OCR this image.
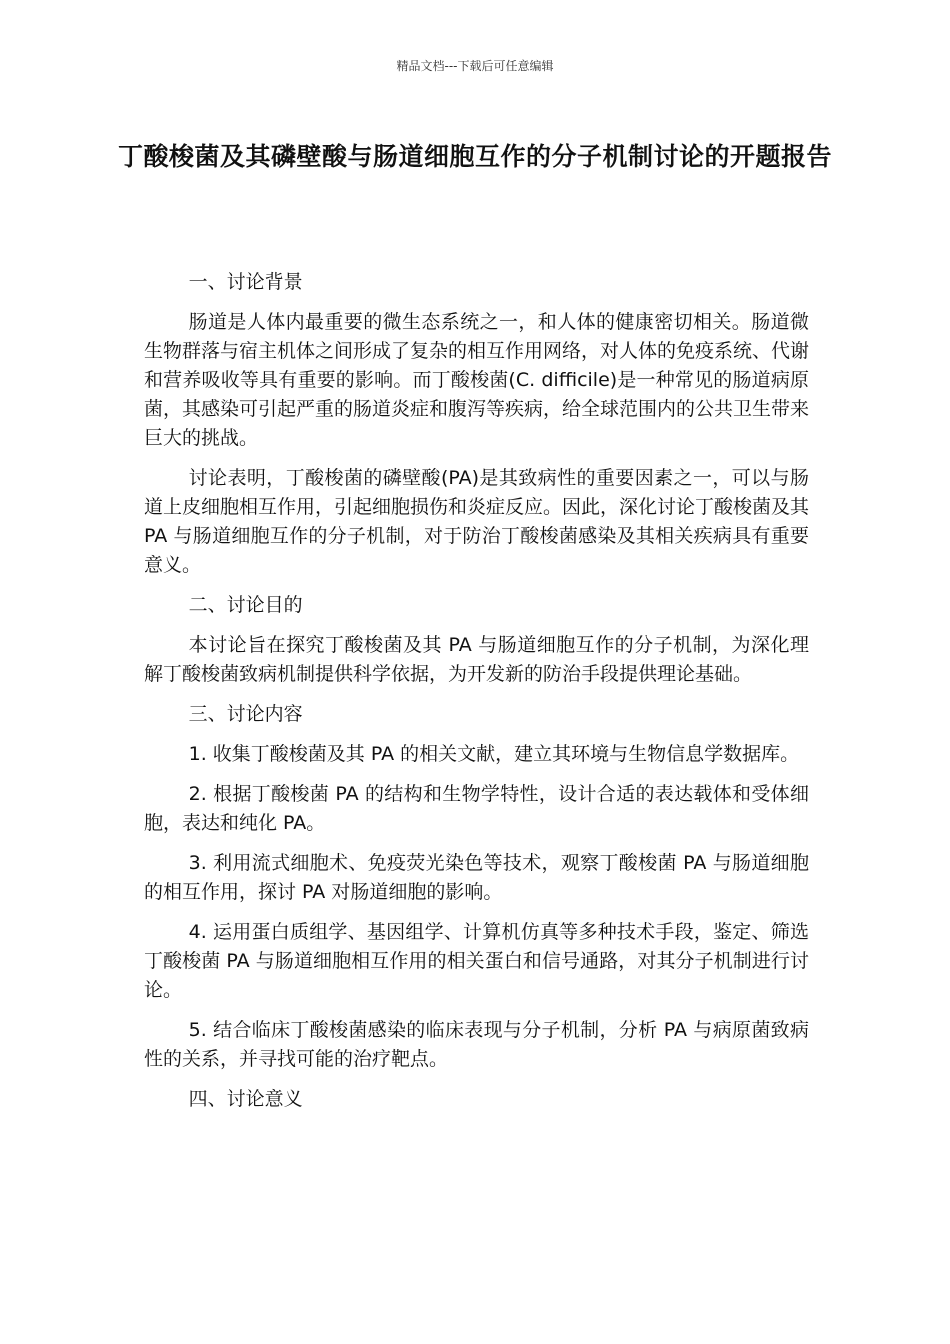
精品文档---下载后可任意编辑
丁酸梭菌及其磷壁酸与肠道细胞互作的分子机制讨论的开题报告
一、讨论背景

肠道是人体内最重要的微生态系统之一，和人体的健康密切相关。肠道微生物群落与宿主机体之间形成了复杂的相互作用网络，对人体的免疫系统、代谢和营养吸收等具有重要的影响。而丁酸梭菌(C. difficile)是一种常见的肠道病原菌，其感染可引起严重的肠道炎症和腹泻等疾病，给全球范围内的公共卫生带来巨大的挑战。

讨论表明，丁酸梭菌的磷壁酸(PA)是其致病性的重要因素之一，可以与肠道上皮细胞相互作用，引起细胞损伤和炎症反应。因此，深化讨论丁酸梭菌及其 PA 与肠道细胞互作的分子机制，对于防治丁酸梭菌感染及其相关疾病具有重要意义。

二、讨论目的

本讨论旨在探究丁酸梭菌及其 PA 与肠道细胞互作的分子机制，为深化理解丁酸梭菌致病机制提供科学依据，为开发新的防治手段提供理论基础。

三、讨论内容

1. 收集丁酸梭菌及其 PA 的相关文献，建立其环境与生物信息学数据库。

2. 根据丁酸梭菌 PA 的结构和生物学特性，设计合适的表达载体和受体细胞，表达和纯化 PA。

3. 利用流式细胞术、免疫荧光染色等技术，观察丁酸梭菌 PA 与肠道细胞的相互作用，探讨 PA 对肠道细胞的影响。

4. 运用蛋白质组学、基因组学、计算机仿真等多种技术手段，鉴定、筛选丁酸梭菌 PA 与肠道细胞相互作用的相关蛋白和信号通路，对其分子机制进行讨论。

5. 结合临床丁酸梭菌感染的临床表现与分子机制，分析 PA 与病原菌致病性的关系，并寻找可能的治疗靶点。

四、讨论意义
